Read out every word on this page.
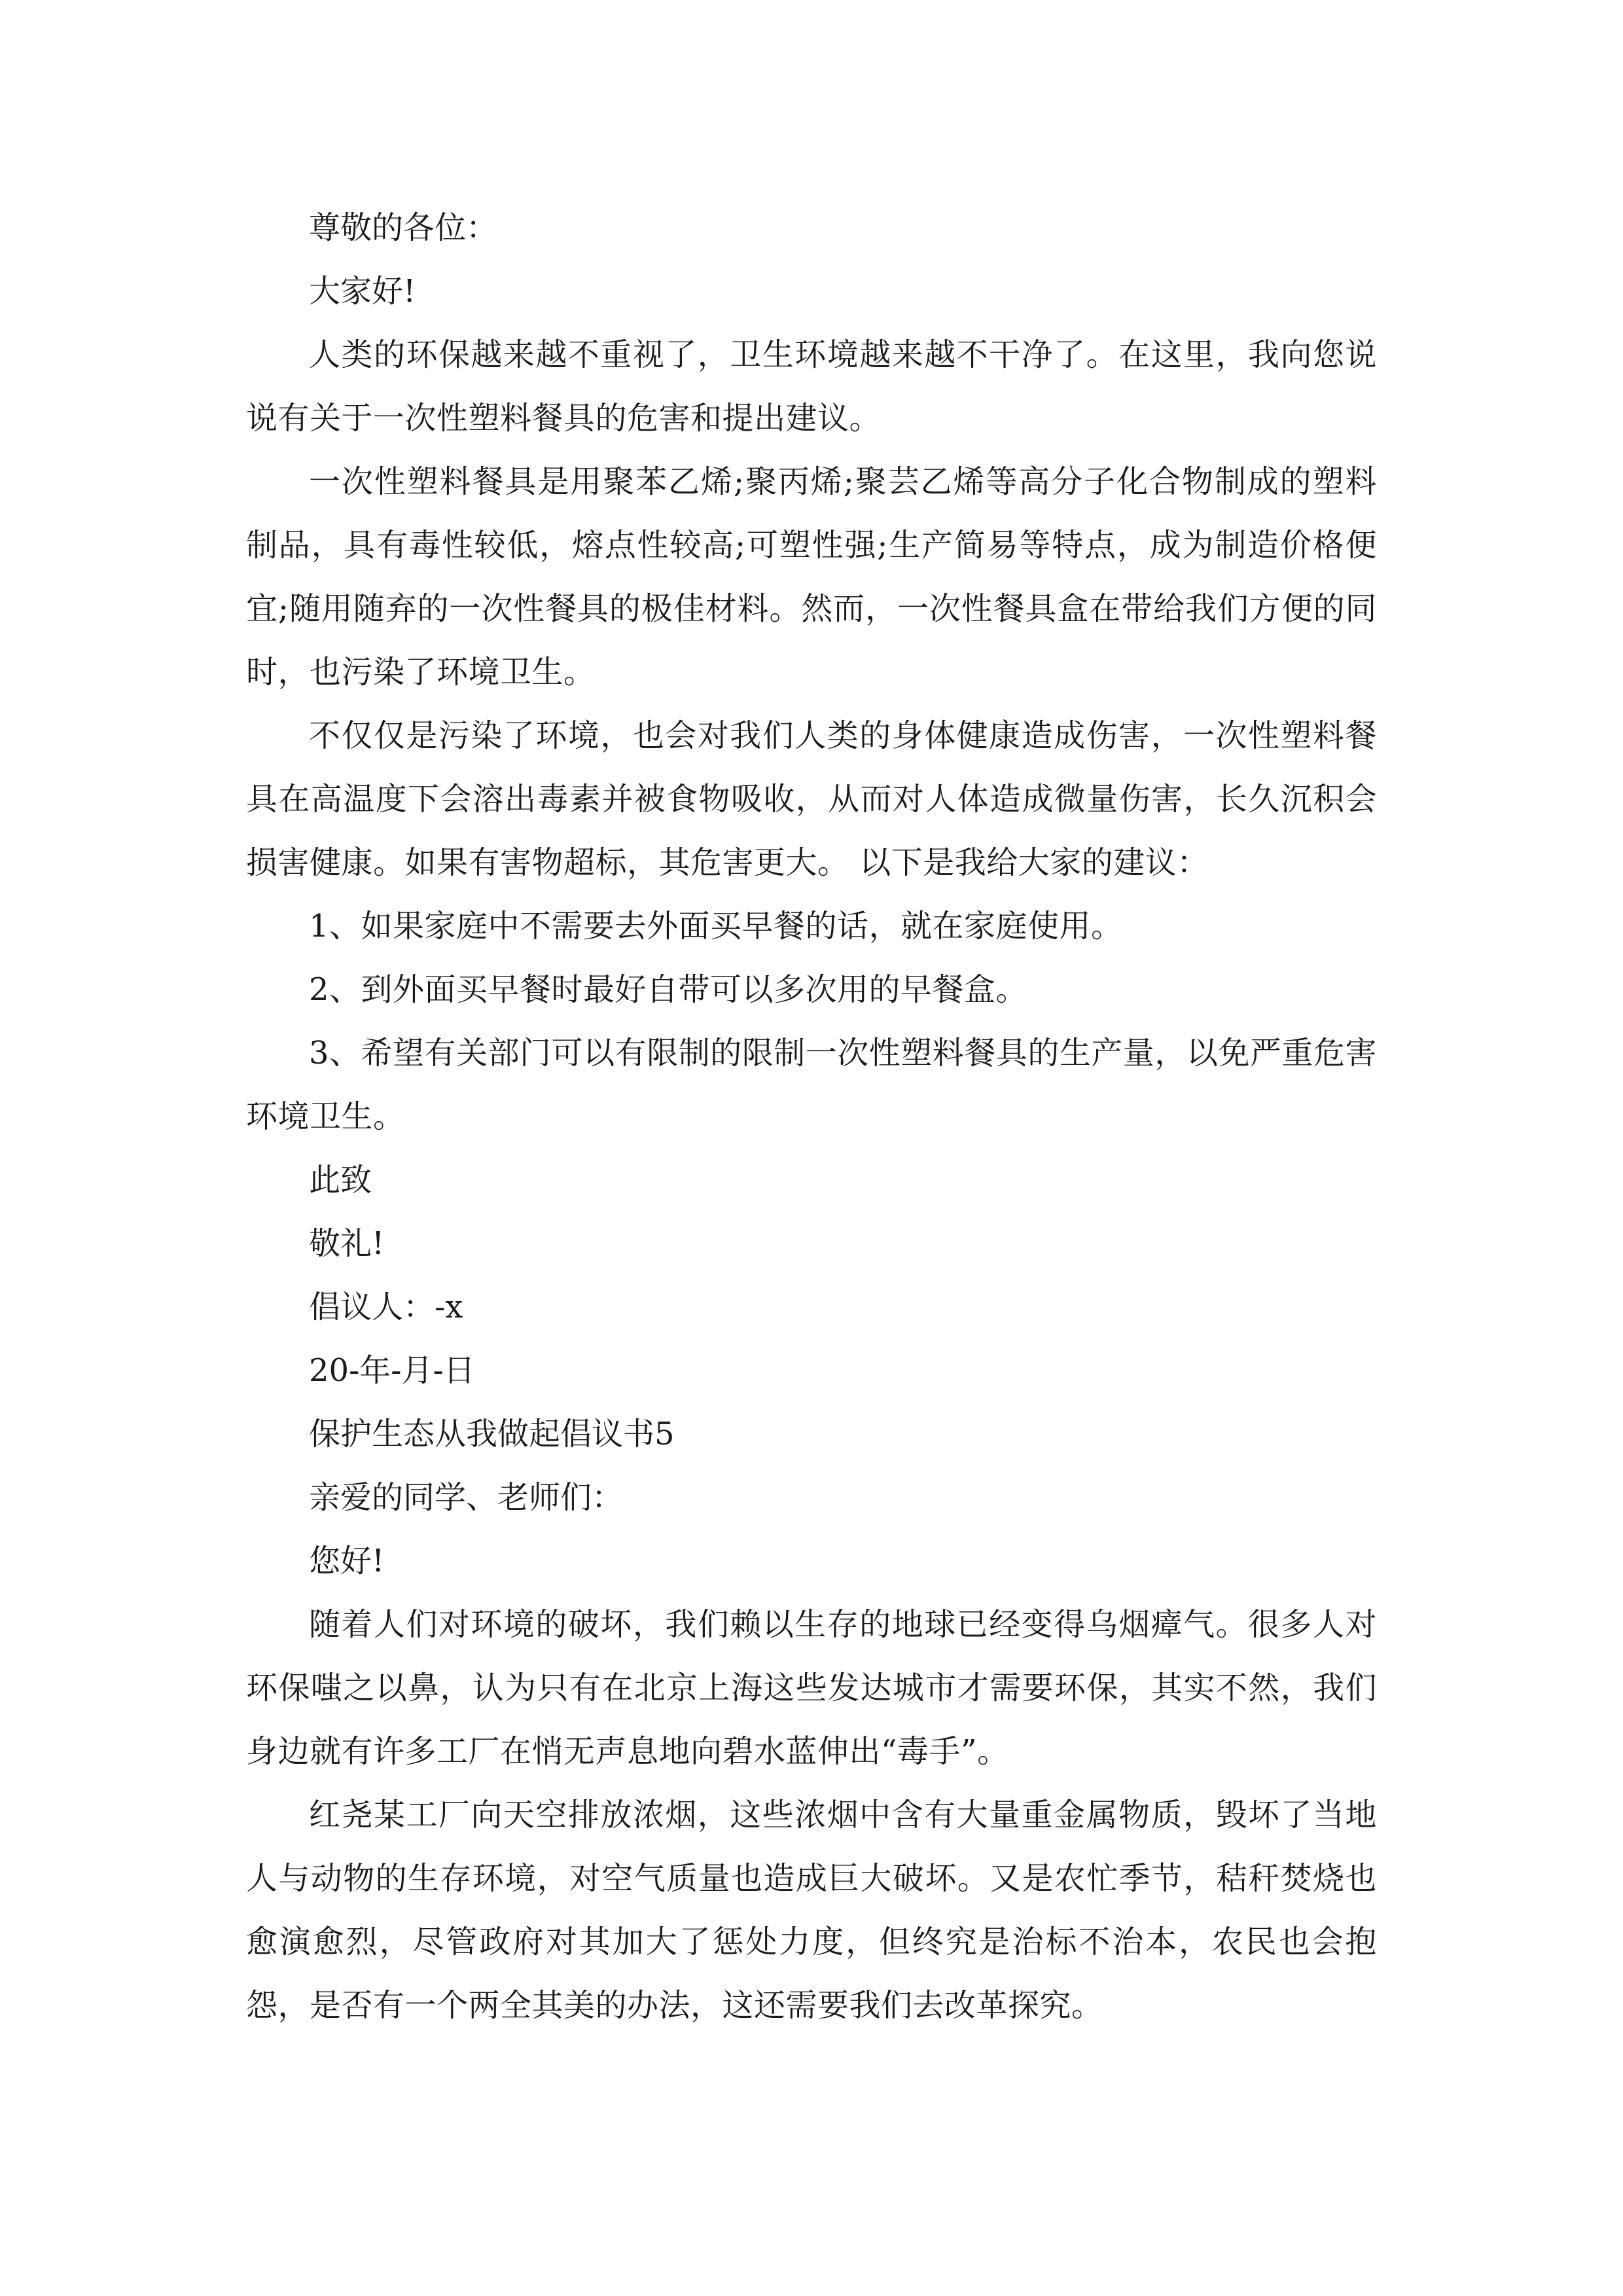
尊敬的各位：

大家好!

人类的环保越来越不重视了，卫生环境越来越不干净了。在这里，我向您说说有关于一次性塑料餐具的危害和提出建议。

一次性塑料餐具是用聚苯乙烯;聚丙烯;聚芸乙烯等高分子化合物制成的塑料制品，具有毒性较低，熔点性较高;可塑性强;生产简易等特点，成为制造价格便宜;随用随弃的一次性餐具的极佳材料。然而，一次性餐具盒在带给我们方便的同时，也污染了环境卫生。

不仅仅是污染了环境，也会对我们人类的身体健康造成伤害，一次性塑料餐具在高温度下会溶出毒素并被食物吸收，从而对人体造成微量伤害，长久沉积会损害健康。如果有害物超标，其危害更大。 以下是我给大家的建议：

1、如果家庭中不需要去外面买早餐的话，就在家庭使用。

2、到外面买早餐时最好自带可以多次用的早餐盒。

3、希望有关部门可以有限制的限制一次性塑料餐具的生产量，以免严重危害环境卫生。

此致

敬礼!

倡议人：-x

20-年-月-日

保护生态从我做起倡议书5

亲爱的同学、老师们：

您好!

随着人们对环境的破坏，我们赖以生存的地球已经变得乌烟瘴气。很多人对环保嗤之以鼻，认为只有在北京上海这些发达城市才需要环保，其实不然，我们身边就有许多工厂在悄无声息地向碧水蓝伸出“毒手”。

红尧某工厂向天空排放浓烟，这些浓烟中含有大量重金属物质，毁坏了当地人与动物的生存环境，对空气质量也造成巨大破坏。又是农忙季节，秸秆焚烧也愈演愈烈，尽管政府对其加大了惩处力度，但终究是治标不治本，农民也会抱怨，是否有一个两全其美的办法，这还需要我们去改革探究。
